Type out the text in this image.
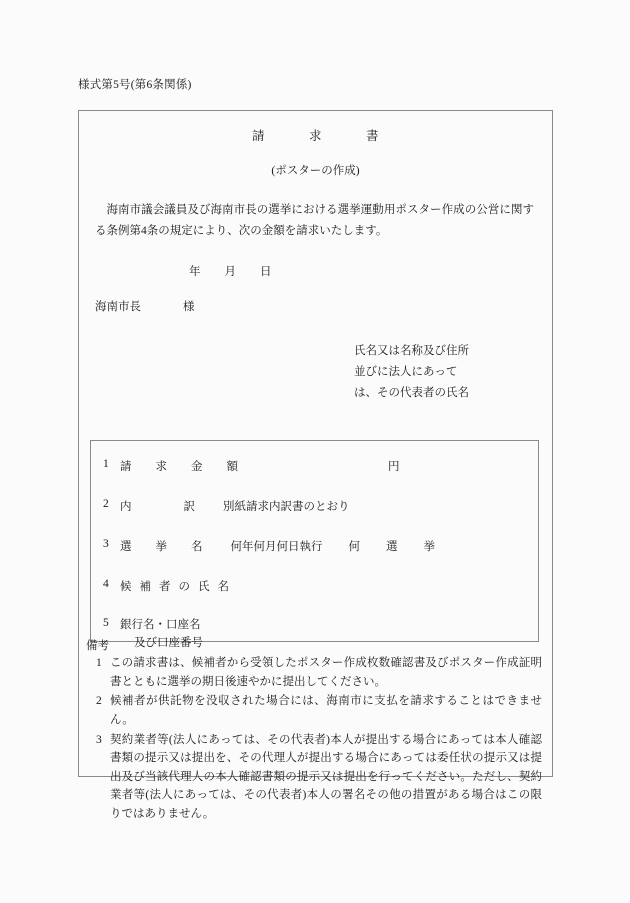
様式第5号(第6条関係)
請	求	書
(ポスターの作成)
海南市議会議員及び海南市長の選挙における選挙運動用ポスター作成の公営に関する条例第4条の規定により、次の金額を請求いたします。
年 月 日
海南市長	様
氏名又は名称及び住所
並びに法人にあって
は、その代表者の氏名
1 請 求 金 額	円
2 内	訳 別紙請求内訳書のとおり
3 選 挙 名 何年何月何日執行 何 選 挙
4 候 補 者 の 氏 名
5 銀行名・口座名
及び口座番号
備考
1 この請求書は、候補者から受領したポスター作成枚数確認書及びポスター作成証明書とともに選挙の期日後速やかに提出してください。
2 候補者が供託物を没収された場合には、海南市に支払を請求することはできません。
3 契約業者等(法人にあっては、その代表者)本人が提出する場合にあっては本人確認書類の提示又は提出を、その代理人が提出する場合にあっては委任状の提示又は提出及び当該代理人の本人確認書類の提示又は提出を行ってください。ただし、契約業者等(法人にあっては、その代表者)本人の署名その他の措置がある場合はこの限りではありません。
